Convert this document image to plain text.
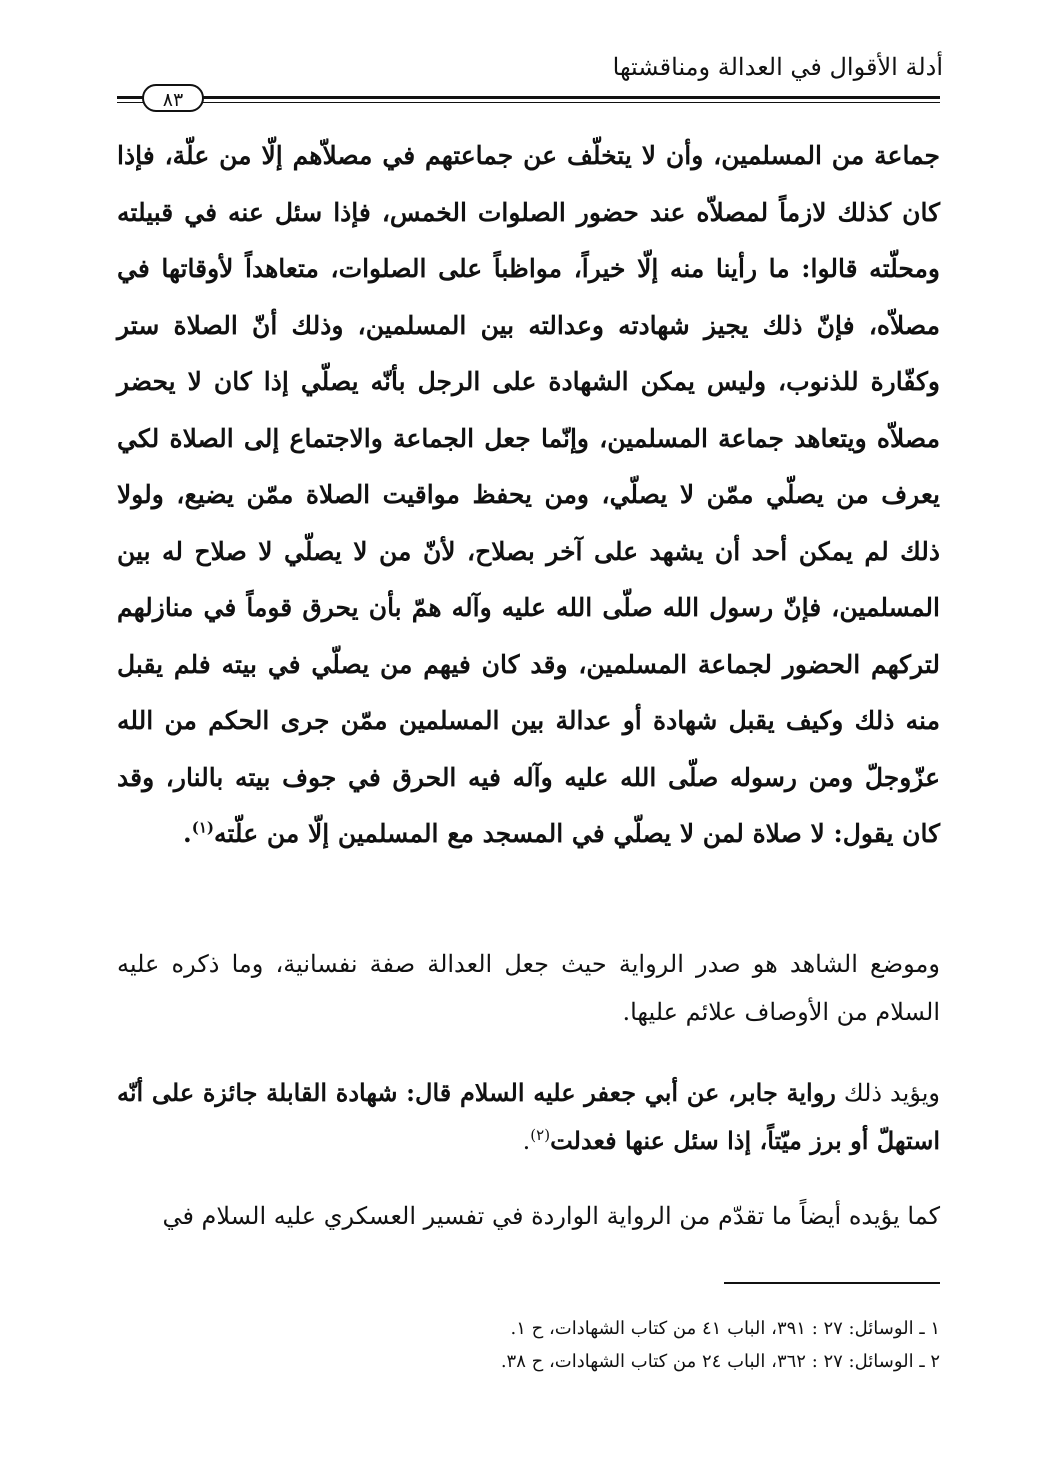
أدلة الأقوال في العدالة ومناقشتها
٨٣
جماعة من المسلمين، وأن لا يتخلّف عن جماعتهم في مصلاّهم إلّا من علّة، فإذا كان كذلك لازماً لمصلاّه عند حضور الصلوات الخمس، فإذا سئل عنه في قبيلته ومحلّته قالوا: ما رأينا منه إلّا خيراً، مواظباً على الصلوات، متعاهداً لأوقاتها في مصلاّه، فإنّ ذلك يجيز شهادته وعدالته بين المسلمين، وذلك أنّ الصلاة ستر وكفّارة للذنوب، وليس يمكن الشهادة على الرجل بأنّه يصلّي إذا كان لا يحضر مصلاّه ويتعاهد جماعة المسلمين، وإنّما جعل الجماعة والاجتماع إلى الصلاة لكي يعرف من يصلّي ممّن لا يصلّي، ومن يحفظ مواقيت الصلاة ممّن يضيع، ولولا ذلك لم يمكن أحد أن يشهد على آخر بصلاح، لأنّ من لا يصلّي لا صلاح له بين المسلمين، فإنّ رسول الله صلّى الله عليه وآله همّ بأن يحرق قوماً في منازلهم لتركهم الحضور لجماعة المسلمين، وقد كان فيهم من يصلّي في بيته فلم يقبل منه ذلك وكيف يقبل شهادة أو عدالة بين المسلمين ممّن جرى الحكم من الله عزّوجلّ ومن رسوله صلّى الله عليه وآله فيه الحرق في جوف بيته بالنار، وقد كان يقول: لا صلاة لمن لا يصلّي في المسجد مع المسلمين إلّا من علّته$^{(١)}$.
وموضع الشاهد هو صدر الرواية حيث جعل العدالة صفة نفسانية، وما ذكره عليه السلام من الأوصاف علائم عليها.
ويؤيد ذلك رواية جابر، عن أبي جعفر عليه السلام قال: شهادة القابلة جائزة على أنّه استهلّ أو برز ميّتاً، إذا سئل عنها فعدلت$^{(٢)}$.
كما يؤيده أيضاً ما تقدّم من الرواية الواردة في تفسير العسكري عليه السلام في
١ ـ الوسائل: ٢٧ : ٣٩١، الباب ٤١ من كتاب الشهادات، ح ١.
٢ ـ الوسائل: ٢٧ : ٣٦٢، الباب ٢٤ من كتاب الشهادات، ح ٣٨.
